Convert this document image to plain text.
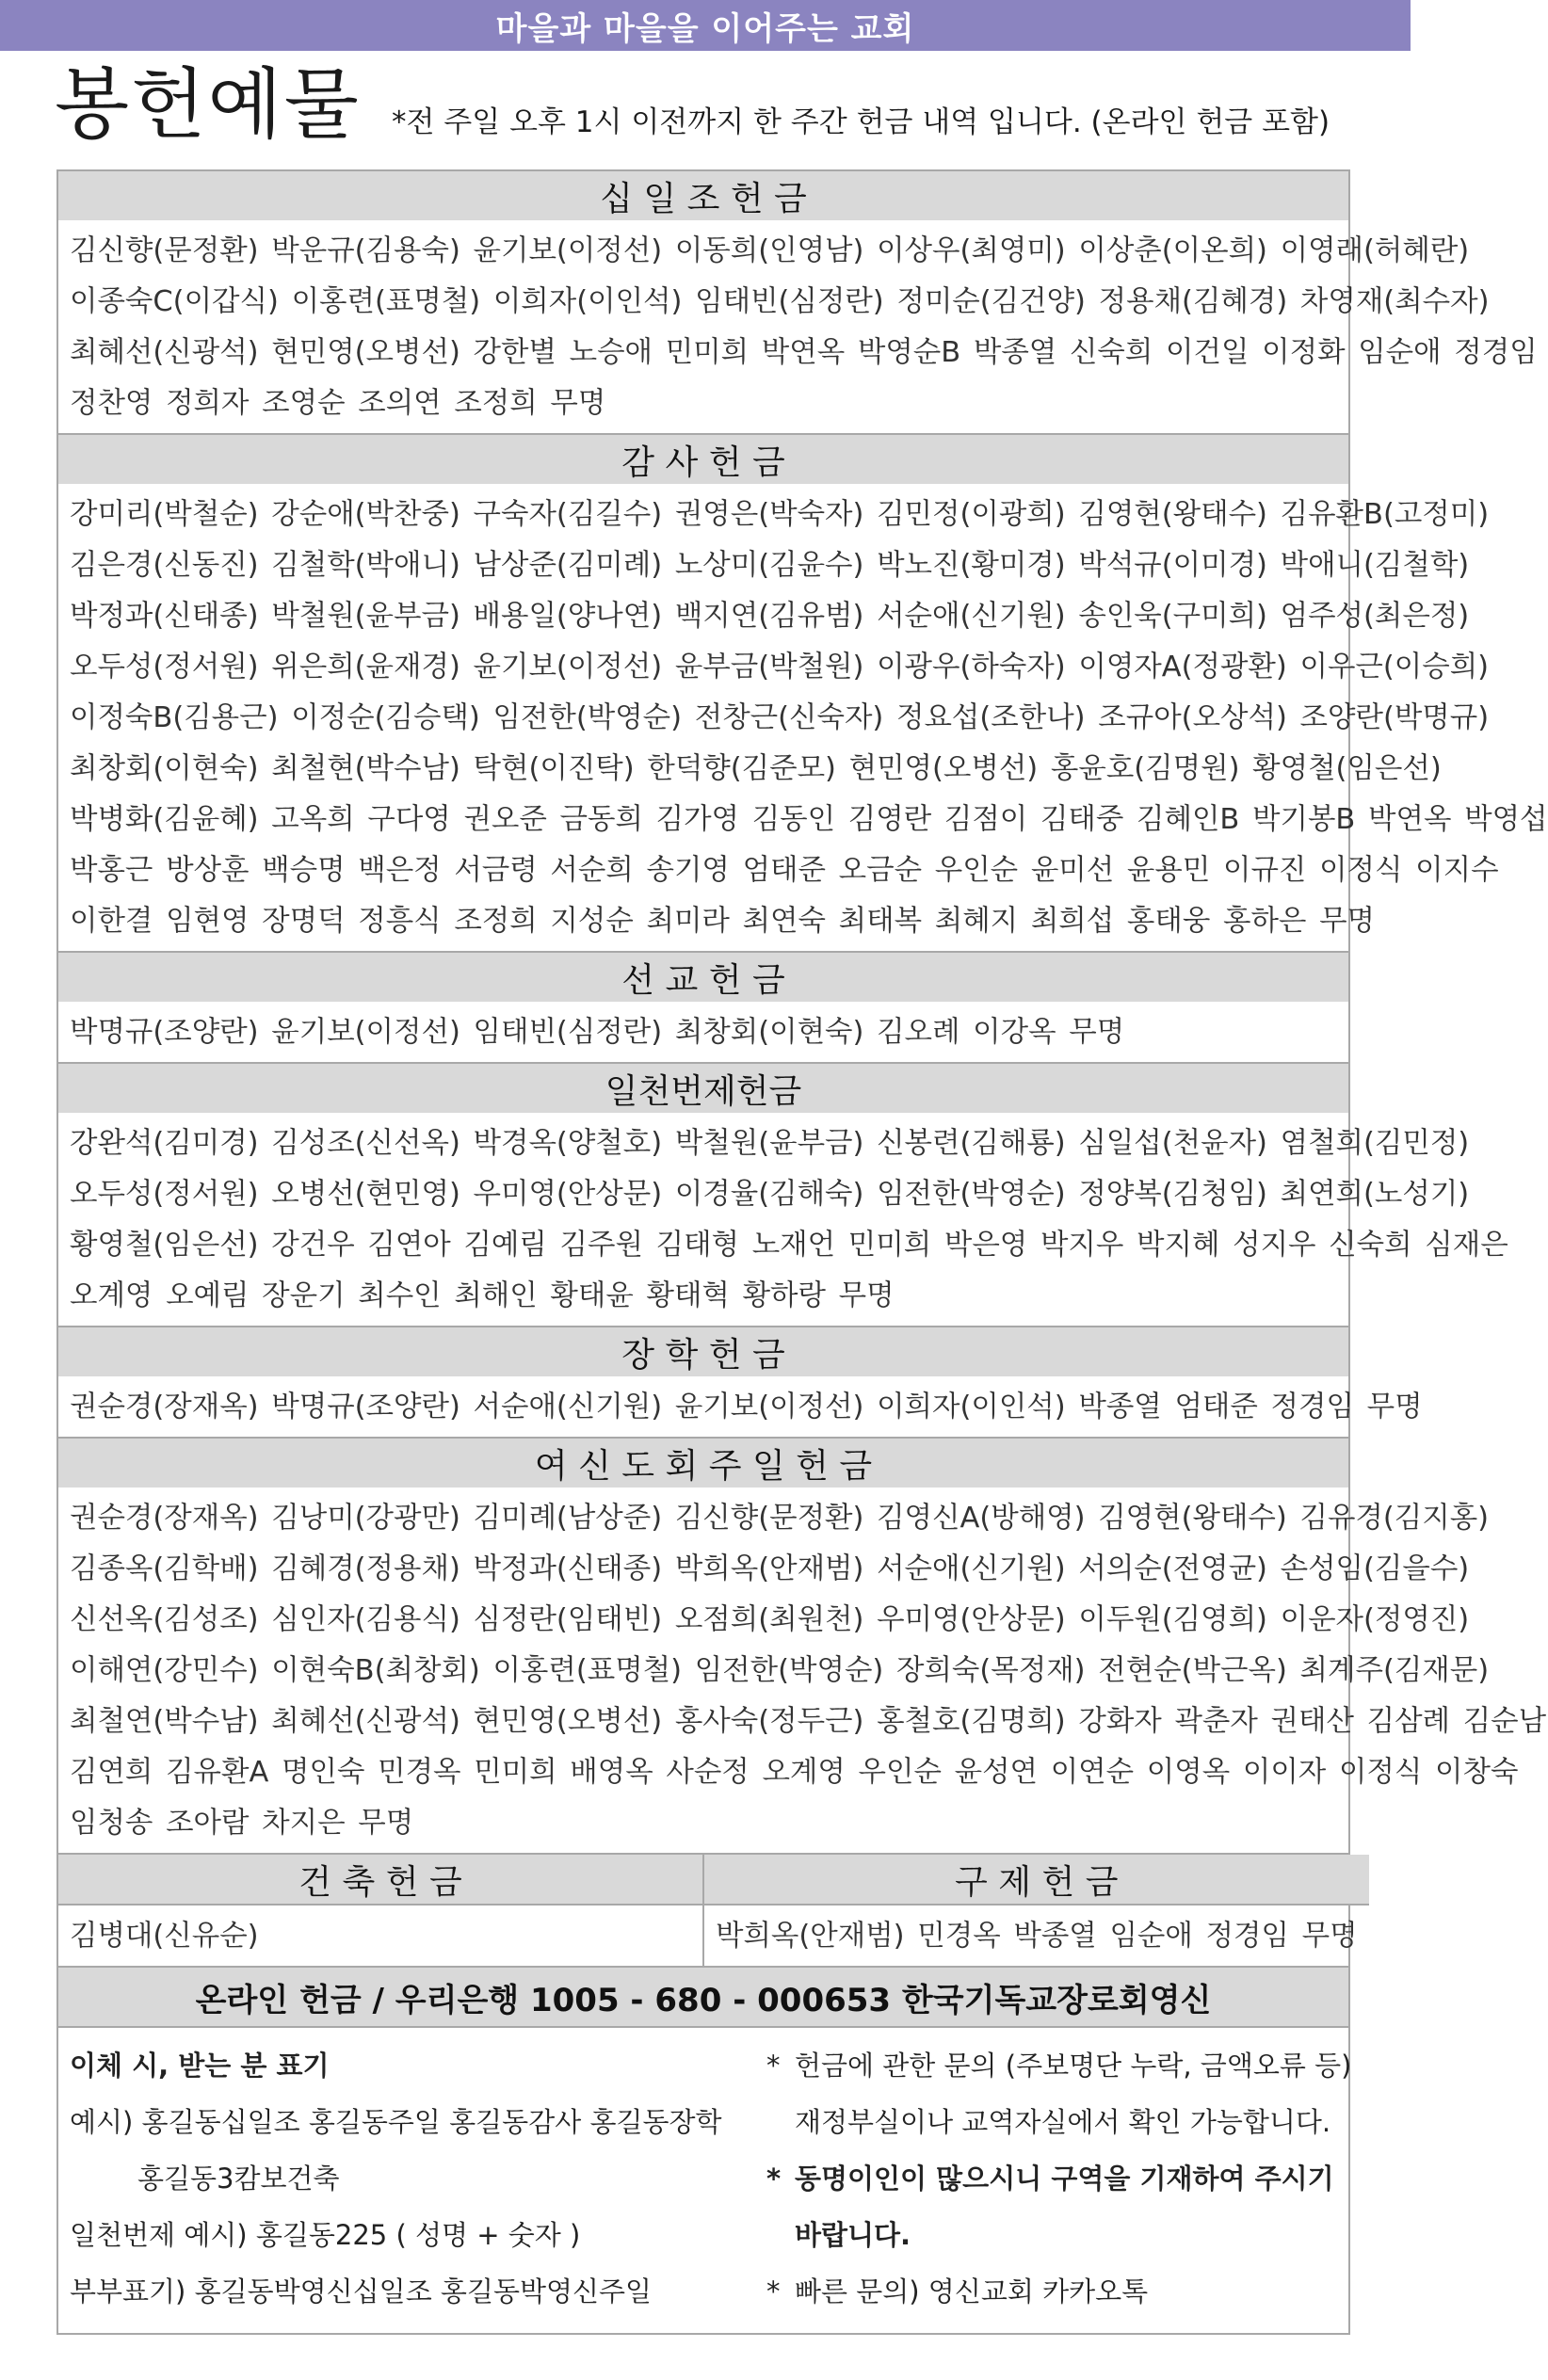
마을과 마을을 이어주는 교회
봉헌예물 *전 주일 오후 1시 이전까지 한 주간 헌금 내역 입니다. (온라인 헌금 포함)
십 일 조 헌 금
김신향(문정환) 박운규(김용숙) 윤기보(이정선) 이동희(인영남) 이상우(최영미) 이상춘(이온희) 이영래(허혜란)
이종숙C(이갑식) 이홍련(표명철) 이희자(이인석) 임태빈(심정란) 정미순(김건양) 정용채(김혜경) 차영재(최수자)
최혜선(신광석) 현민영(오병선) 강한별 노승애 민미희 박연옥 박영순B 박종열 신숙희 이건일 이정화 임순애 정경임
정찬영 정희자 조영순 조의연 조정희 무명
감 사 헌 금
강미리(박철순) 강순애(박찬중) 구숙자(김길수) 권영은(박숙자) 김민정(이광희) 김영현(왕태수) 김유환B(고정미)
김은경(신동진) 김철학(박애니) 남상준(김미례) 노상미(김윤수) 박노진(황미경) 박석규(이미경) 박애니(김철학)
박정과(신태종) 박철원(윤부금) 배용일(양나연) 백지연(김유범) 서순애(신기원) 송인욱(구미희) 엄주성(최은정)
오두성(정서원) 위은희(윤재경) 윤기보(이정선) 윤부금(박철원) 이광우(하숙자) 이영자A(정광환) 이우근(이승희)
이정숙B(김용근) 이정순(김승택) 임전한(박영순) 전창근(신숙자) 정요섭(조한나) 조규아(오상석) 조양란(박명규)
최창회(이현숙) 최철현(박수남) 탁현(이진탁) 한덕향(김준모) 현민영(오병선) 홍윤호(김명원) 황영철(임은선)
박병화(김윤혜) 고옥희 구다영 권오준 금동희 김가영 김동인 김영란 김점이 김태중 김혜인B 박기봉B 박연옥 박영섭
박홍근 방상훈 백승명 백은정 서금령 서순희 송기영 엄태준 오금순 우인순 윤미선 윤용민 이규진 이정식 이지수
이한결 임현영 장명덕 정흥식 조정희 지성순 최미라 최연숙 최태복 최혜지 최희섭 홍태웅 홍하은 무명
선 교 헌 금
박명규(조양란) 윤기보(이정선) 임태빈(심정란) 최창회(이현숙) 김오례 이강옥 무명
일천번제헌금
강완석(김미경) 김성조(신선옥) 박경옥(양철호) 박철원(윤부금) 신봉련(김해룡) 심일섭(천윤자) 염철희(김민정)
오두성(정서원) 오병선(현민영) 우미영(안상문) 이경율(김해숙) 임전한(박영순) 정양복(김청임) 최연희(노성기)
황영철(임은선) 강건우 김연아 김예림 김주원 김태형 노재언 민미희 박은영 박지우 박지혜 성지우 신숙희 심재은
오계영 오예림 장운기 최수인 최해인 황태윤 황태혁 황하랑 무명
장 학 헌 금
권순경(장재옥) 박명규(조양란) 서순애(신기원) 윤기보(이정선) 이희자(이인석) 박종열 엄태준 정경임 무명
여 신 도 회 주 일 헌 금
권순경(장재옥) 김낭미(강광만) 김미례(남상준) 김신향(문정환) 김영신A(방해영) 김영현(왕태수) 김유경(김지홍)
김종옥(김학배) 김혜경(정용채) 박정과(신태종) 박희옥(안재범) 서순애(신기원) 서의순(전영균) 손성임(김을수)
신선옥(김성조) 심인자(김용식) 심정란(임태빈) 오점희(최원천) 우미영(안상문) 이두원(김영희) 이운자(정영진)
이해연(강민수) 이현숙B(최창회) 이홍련(표명철) 임전한(박영순) 장희숙(목정재) 전현순(박근옥) 최계주(김재문)
최철연(박수남) 최혜선(신광석) 현민영(오병선) 홍사숙(정두근) 홍철호(김명희) 강화자 곽춘자 권태산 김삼례 김순남
김연희 김유환A 명인숙 민경옥 민미희 배영옥 사순정 오계영 우인순 윤성연 이연순 이영옥 이이자 이정식 이창숙
임청송 조아람 차지은 무명
건 축 헌 금
김병대(신유순)
구 제 헌 금
박희옥(안재범) 민경옥 박종열 임순애 정경임 무명
온라인 헌금 / 우리은행 1005 - 680 - 000653 한국기독교장로회영신
이체 시, 받는 분 표기
예시) 홍길동십일조 홍길동주일 홍길동감사 홍길동장학
홍길동3캄보건축
일천번제 예시) 홍길동225 ( 성명 + 숫자 )
부부표기) 홍길동박영신십일조 홍길동박영신주일
* 헌금에 관한 문의 (주보명단 누락, 금액오류 등)
재정부실이나 교역자실에서 확인 가능합니다.
* 동명이인이 많으시니 구역을 기재하여 주시기
바랍니다.
* 빠른 문의) 영신교회 카카오톡
